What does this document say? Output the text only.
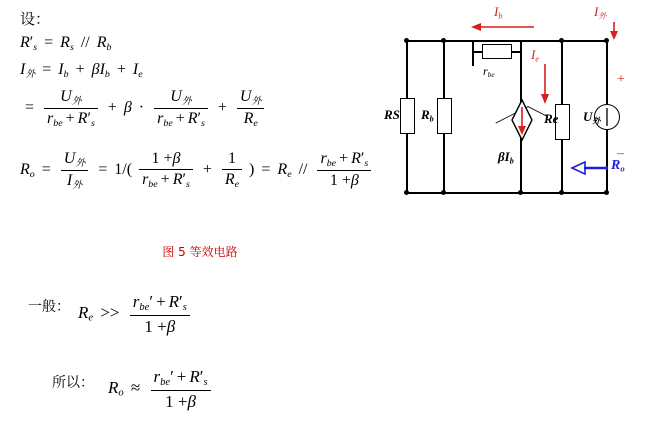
设：
$R'_s = R_s // R_b$
$I_外 = I_b + \beta I_b + I_e$
= $\frac{U_外}{r_{be} + R'_s} + \beta \cdot \frac{U_外}{r_{be} + R'_s} + \frac{U_外}{R_e}$
$R_o = \frac{U_外}{I_外} = 1/( \frac{1 +\beta}{r_{be} + R'_s} + \frac{1}{R_e}$ ) = $R_e // \frac{r_{be} + R'_s}{1 +\beta}$
图 5 等效电路
一般： $R_e >> \frac{r_{be}' + R'_s}{1 +\beta}$
所以： $R_o \approx \frac{r_{be}' + R'_s}{1 +\beta}$
$I_b$
$I_e$
$I_外$
RS $R_b$
$r_{be}$
$\beta I_b$
Re $U_外$
+
–
$R_o$
